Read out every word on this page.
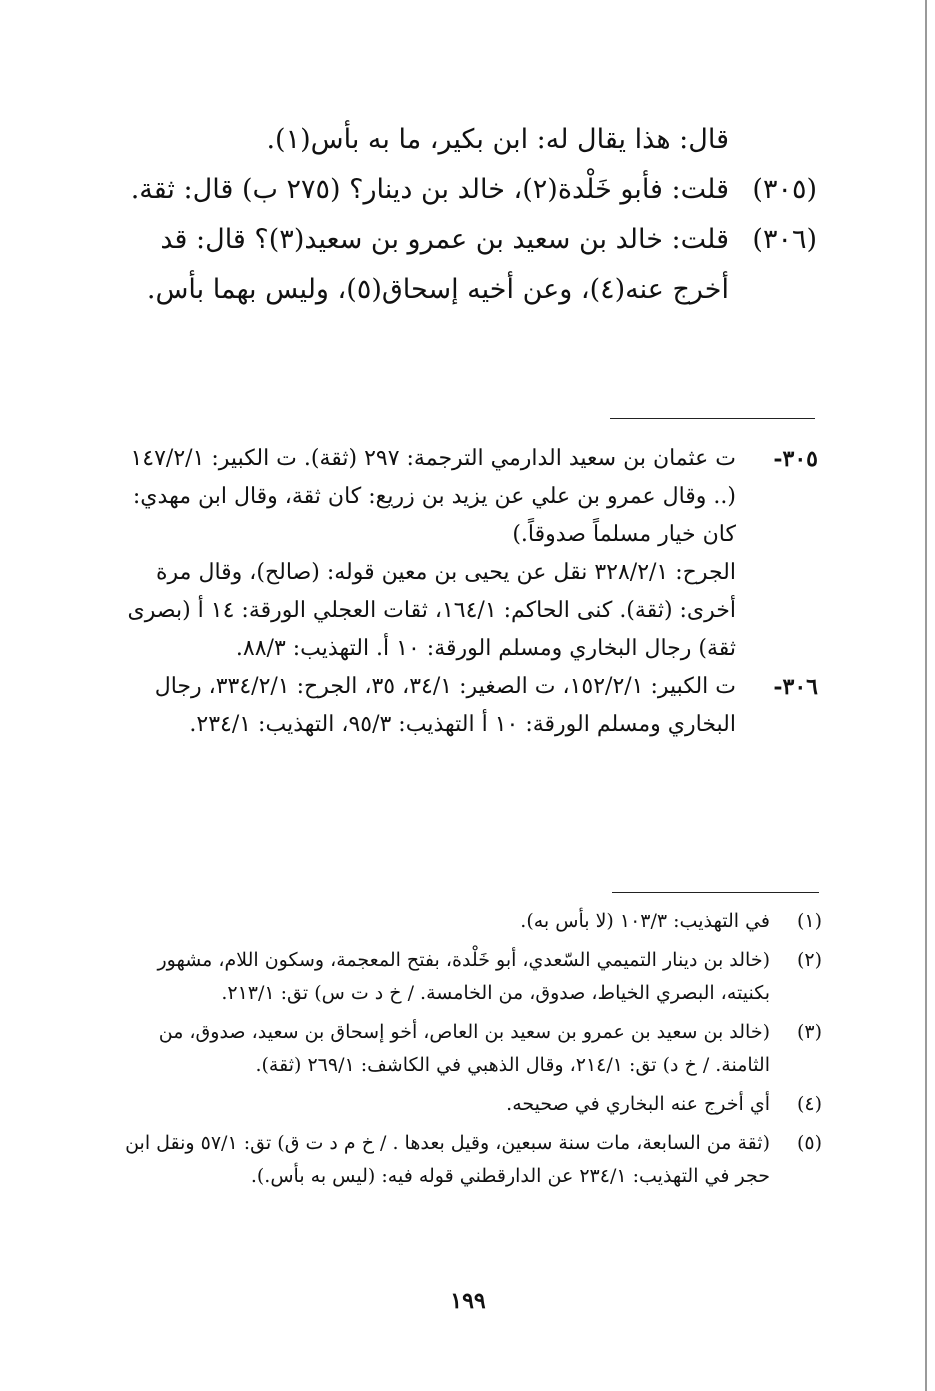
قال: هذا يقال له: ابن بكير، ما به بأس(١).
(٣٠٥)
قلت: فأبو خَلْدة(٢)، خالد بن دينار؟ (٢٧٥ ب) قال: ثقة.
(٣٠٦)
قلت: خالد بن سعيد بن عمرو بن سعيد(٣)؟ قال: قد أخرج عنه(٤)، وعن أخيه إسحاق(٥)، وليس بهما بأس.
٣٠٥-
ت عثمان بن سعيد الدارمي الترجمة: ٢٩٧ (ثقة). ت الكبير: ١٤٧/٢/١ (.. وقال عمرو بن علي عن يزيد بن زريع: كان ثقة، وقال ابن مهدي: كان خيار مسلماً صدوقاً.)
الجرح: ٣٢٨/٢/١ نقل عن يحيى بن معين قوله: (صالح)، وقال مرة أخرى: (ثقة). كنى الحاكم: ١٦٤/١، ثقات العجلي الورقة: ١٤ أ (بصرى ثقة) رجال البخاري ومسلم الورقة: ١٠ أ. التهذيب: ٨٨/٣.
٣٠٦-
ت الكبير: ١٥٢/٢/١، ت الصغير: ٣٤/١، ٣٥، الجرح: ٣٣٤/٢/١، رجال البخاري ومسلم الورقة: ١٠ أ التهذيب: ٩٥/٣، التهذيب: ٢٣٤/١.
(١)
في التهذيب: ١٠٣/٣ (لا بأس به).
(٢)
(خالد بن دينار التميمي السّعدي، أبو خَلْدة، بفتح المعجمة، وسكون اللام، مشهور بكنيته، البصري الخياط، صدوق، من الخامسة. / خ د ت س) تق: ٢١٣/١.
(٣)
(خالد بن سعيد بن عمرو بن سعيد بن العاص، أخو إسحاق بن سعيد، صدوق، من الثامنة. / خ د) تق: ٢١٤/١، وقال الذهبي في الكاشف: ٢٦٩/١ (ثقة).
(٤)
أي أخرج عنه البخاري في صحيحه.
(٥)
(ثقة من السابعة، مات سنة سبعين، وقيل بعدها . / خ م د ت ق) تق: ٥٧/١ ونقل ابن حجر في التهذيب: ٢٣٤/١ عن الدارقطني قوله فيه: (ليس به بأس.).
١٩٩
